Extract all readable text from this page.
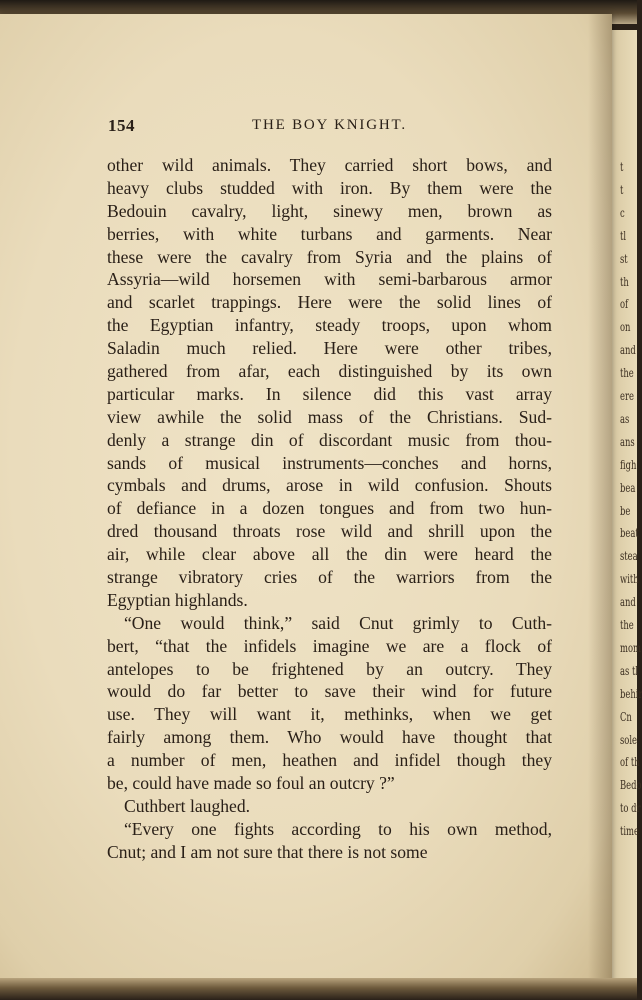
t
t
c
tl
st
th
of
on
and
the
ere
as
ans
figh
bea
be
beat
stea
with
and
the
mom
as tl
behir
Cn
sole
of th
Bedo
to dr
time
154	THE BOY KNIGHT.
other wild animals. They carried short bows, and
heavy clubs studded with iron. By them were the
Bedouin cavalry, light, sinewy men, brown as
berries, with white turbans and garments. Near
these were the cavalry from Syria and the plains of
Assyria—wild horsemen with semi-barbarous armor
and scarlet trappings. Here were the solid lines of
the Egyptian infantry, steady troops, upon whom
Saladin much relied. Here were other tribes,
gathered from afar, each distinguished by its own
particular marks. In silence did this vast array
view awhile the solid mass of the Christians. Sud-
denly a strange din of discordant music from thou-
sands of musical instruments—conches and horns,
cymbals and drums, arose in wild confusion. Shouts
of defiance in a dozen tongues and from two hun-
dred thousand throats rose wild and shrill upon the
air, while clear above all the din were heard the
strange vibratory cries of the warriors from the
Egyptian highlands.
“One would think,” said Cnut grimly to Cuth-
bert, “that the infidels imagine we are a flock of
antelopes to be frightened by an outcry. They
would do far better to save their wind for future
use. They will want it, methinks, when we get
fairly among them. Who would have thought that
a number of men, heathen and infidel though they
be, could have made so foul an outcry ?”
Cuthbert laughed.
“Every one fights according to his own method,
Cnut; and I am not sure that there is not some
